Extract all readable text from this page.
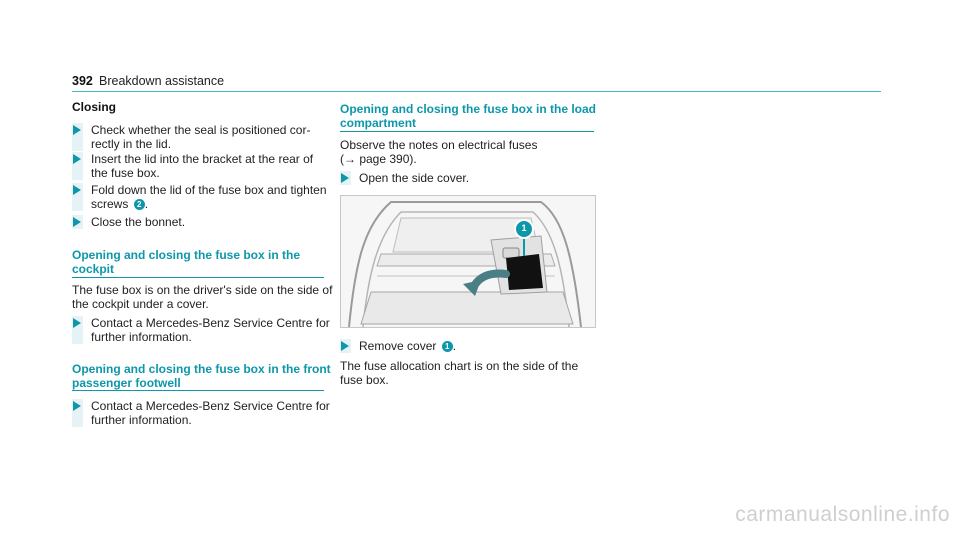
392 Breakdown assistance
Closing
Check whether the seal is positioned cor-
rectly in the lid.
Insert the lid into the bracket at the rear of
the fuse box.
Fold down the lid of the fuse box and tighten
screws 2 .
Close the bonnet.
Opening and closing the fuse box in the
cockpit
The fuse box is on the driver's side on the side of
the cockpit under a cover.
Contact a Mercedes-Benz Service Centre for
further information.
Opening and closing the fuse box in the front
passenger footwell
Contact a Mercedes-Benz Service Centre for
further information.
Opening and closing the fuse box in the load
compartment
Observe the notes on electrical fuses
(→ page 390).
Open the side cover.
1
Remove cover 1 .
The fuse allocation chart is on the side of the
fuse box.
carmanualsonline.info
